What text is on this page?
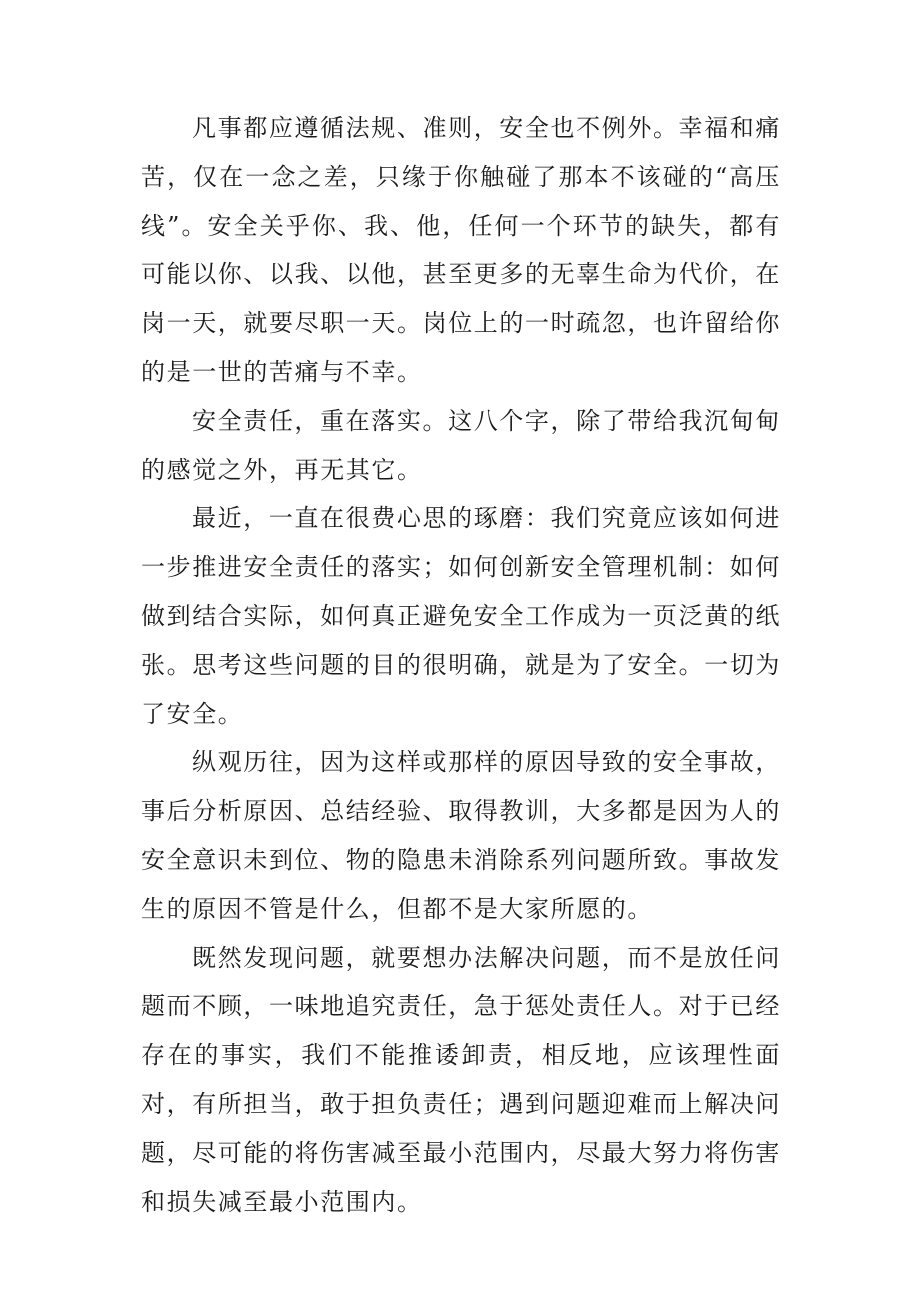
凡事都应遵循法规、准则，安全也不例外。幸福和痛苦，仅在一念之差，只缘于你触碰了那本不该碰的“高压线”。安全关乎你、我、他，任何一个环节的缺失，都有可能以你、以我、以他，甚至更多的无辜生命为代价，在岗一天，就要尽职一天。岗位上的一时疏忽，也许留给你的是一世的苦痛与不幸。

安全责任，重在落实。这八个字，除了带给我沉甸甸的感觉之外，再无其它。

最近，一直在很费心思的琢磨：我们究竟应该如何进一步推进安全责任的落实；如何创新安全管理机制：如何做到结合实际，如何真正避免安全工作成为一页泛黄的纸张。思考这些问题的目的很明确，就是为了安全。一切为了安全。

纵观历往，因为这样或那样的原因导致的安全事故，事后分析原因、总结经验、取得教训，大多都是因为人的安全意识未到位、物的隐患未消除系列问题所致。事故发生的原因不管是什么，但都不是大家所愿的。

既然发现问题，就要想办法解决问题，而不是放任问题而不顾，一味地追究责任，急于惩处责任人。对于已经存在的事实，我们不能推诿卸责，相反地，应该理性面对，有所担当，敢于担负责任；遇到问题迎难而上解决问题，尽可能的将伤害减至最小范围内，尽最大努力将伤害和损失减至最小范围内。
